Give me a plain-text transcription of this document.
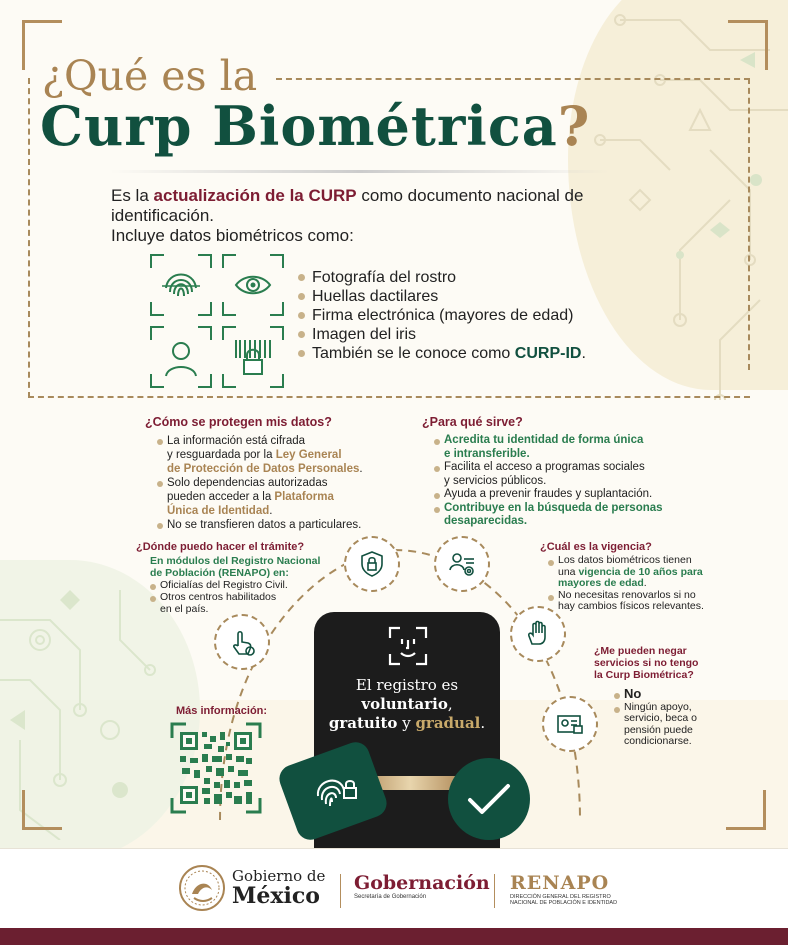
¿Qué es la
Curp Biométrica?
Es la actualización de la CURP como documento nacional de identificación.
Incluye datos biométricos como:
Fotografía del rostro
Huellas dactilares
Firma electrónica (mayores de edad)
Imagen del iris
También se le conoce como CURP-ID.
¿Cómo se protegen mis datos?
La información está cifrada
y resguardada por la Ley General
de Protección de Datos Personales.
Solo dependencias autorizadas
pueden acceder a la Plataforma
Única de Identidad.
No se transfieren datos a particulares.
¿Para qué sirve?
Acredita tu identidad de forma única
e intransferible.
Facilita el acceso a programas sociales
y servicios públicos.
Ayuda a prevenir fraudes y suplantación.
Contribuye en la búsqueda de personas
desaparecidas.
¿Dónde puedo hacer el trámite?
En módulos del Registro Nacional
de Población (RENAPO) en:
Oficialías del Registro Civil.
Otros centros habilitados
en el país.
¿Cuál es la vigencia?
Los datos biométricos tienen
una vigencia de 10 años para
mayores de edad.
No necesitas renovarlos si no
hay cambios físicos relevantes.
¿Me pueden negar
servicios si no tengo
la Curp Biométrica?
No
Ningún apoyo,
servicio, beca o
pensión puede
condicionarse.
Más información:
El registro es
voluntario,
gratuito y gradual.
Gobierno de
México Gobernación
Secretaría de Gobernación
RENAPO
DIRECCIÓN GENERAL DEL REGISTRO
NACIONAL DE POBLACIÓN E IDENTIDAD
